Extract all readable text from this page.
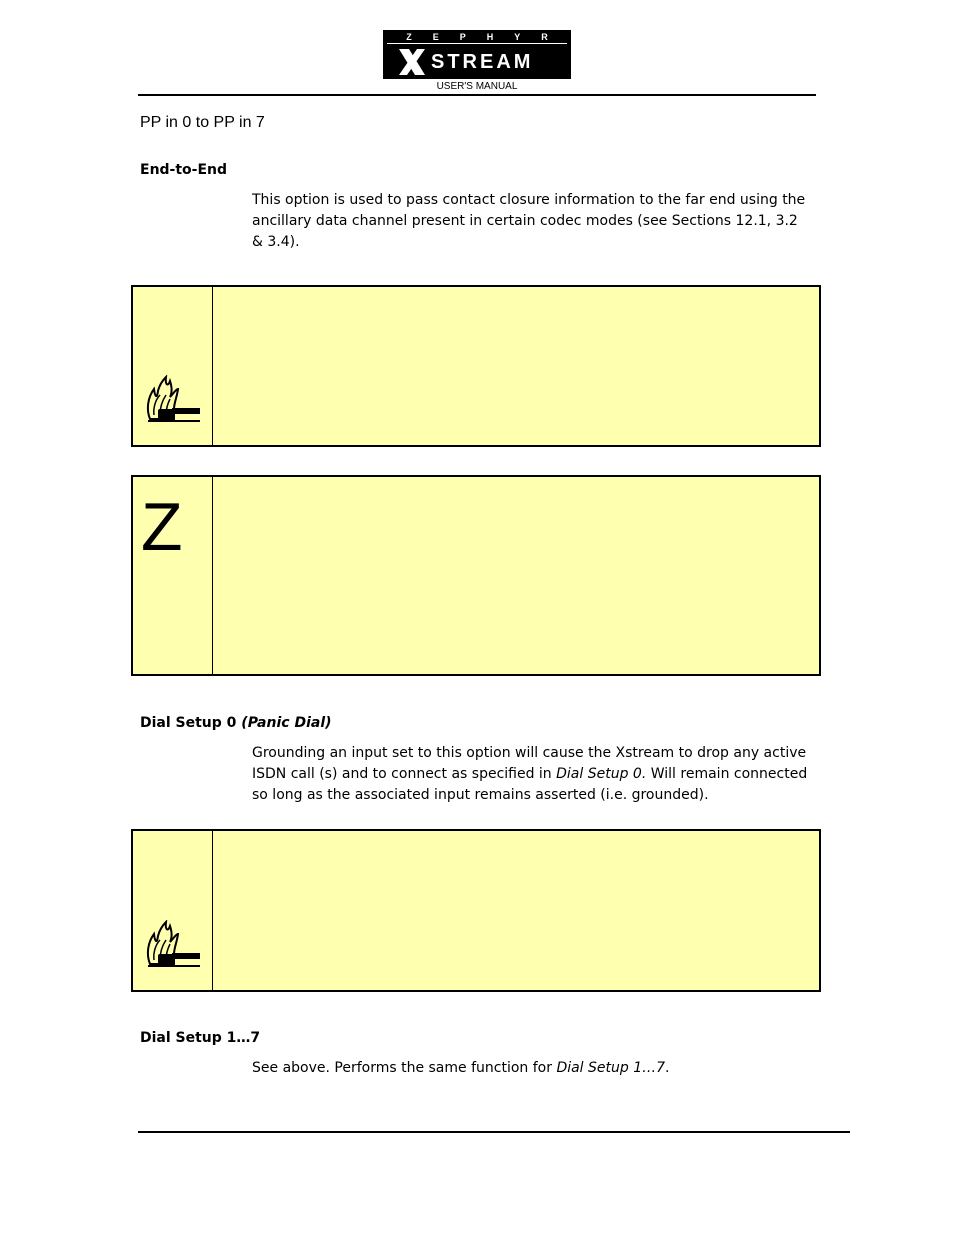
ZEPHYR
STREAM
USER'S MANUAL
PP in 0 to PP in 7
End-to-End
This option is used to pass contact closure information to the far end using the ancillary data channel present in certain codec modes (see Sections 12.1, 3.2 & 3.4).
Z
Dial Setup 0 (Panic Dial)
Grounding an input set to this option will cause the Xstream to drop any active ISDN call (s) and to connect as specified in Dial Setup 0. Will remain connected so long as the associated input remains asserted (i.e. grounded).
Dial Setup 1…7
See above. Performs the same function for Dial Setup 1…7.
